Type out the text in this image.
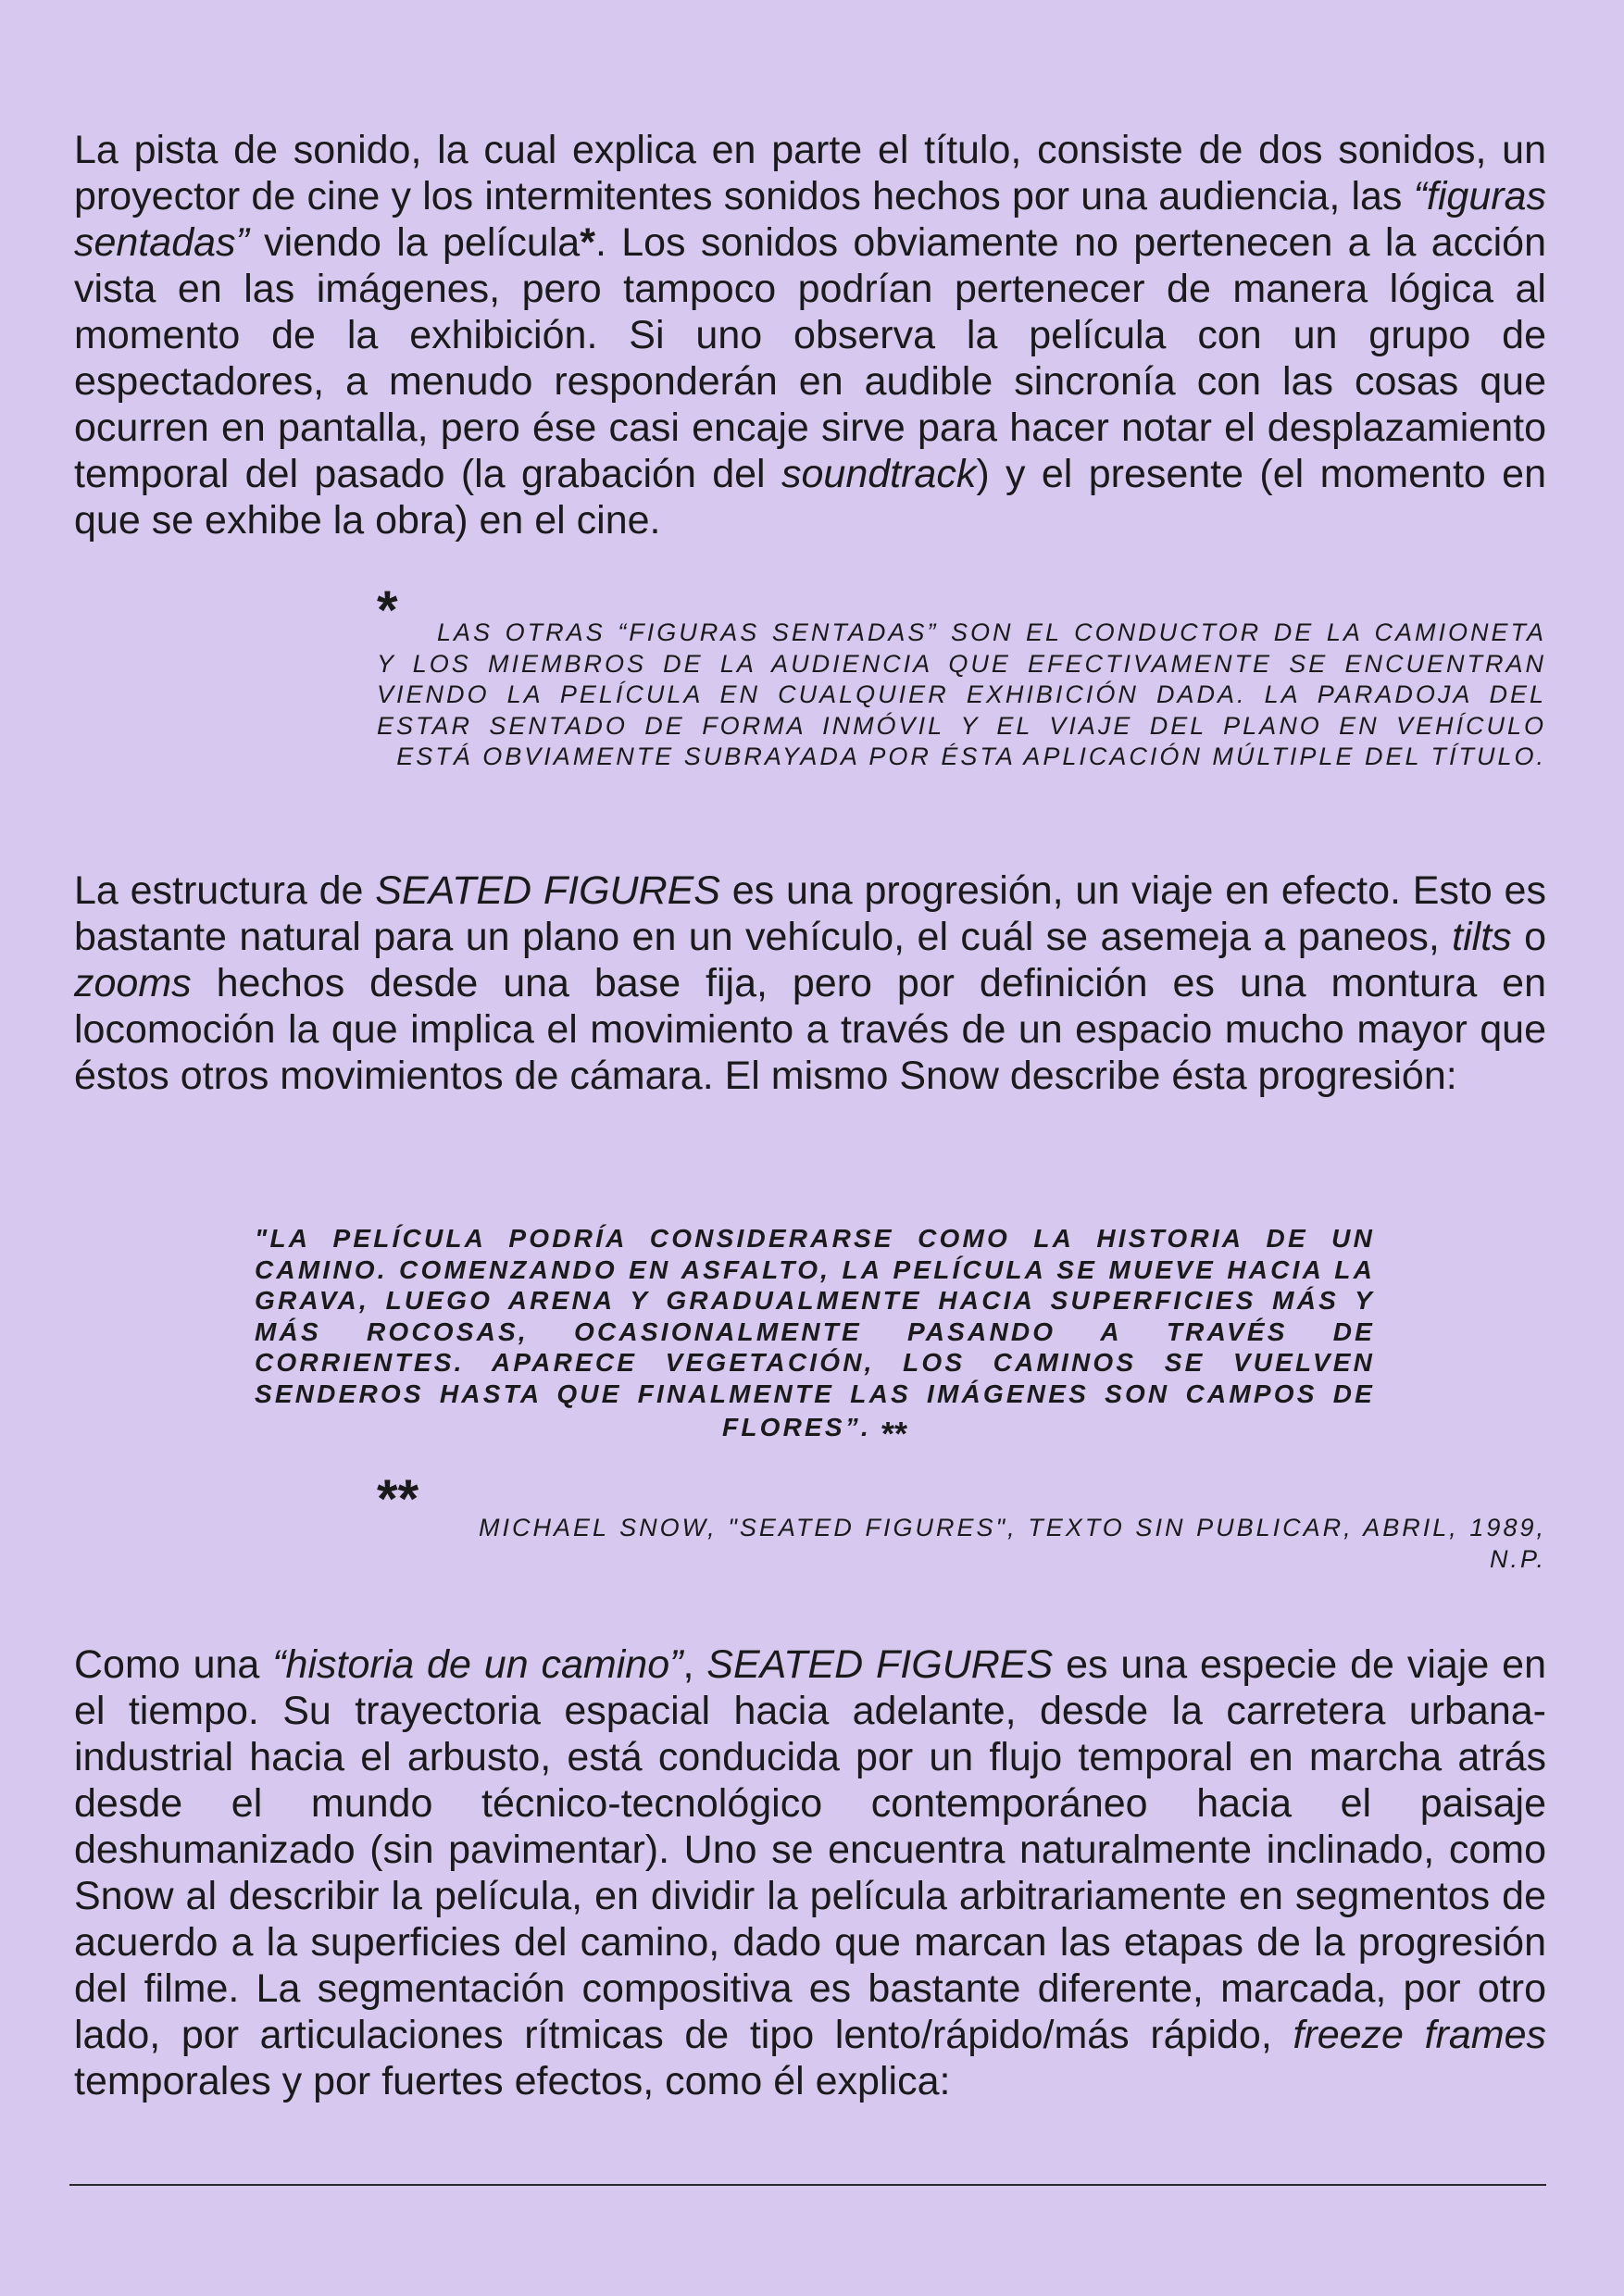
La pista de sonido, la cual explica en parte el título, consiste de dos sonidos, un proyector de cine y los intermitentes sonidos hechos por una audiencia, las “figuras sentadas” viendo la película*. Los sonidos obviamente no pertenecen a la acción vista en las imágenes, pero tampoco podrían pertenecer de manera lógica al momento de la exhibición. Si uno observa la película con un grupo de espectadores, a menudo responderán en audible sincronía con las cosas que ocurren en pantalla, pero ése casi encaje sirve para hacer notar el desplazamiento temporal del pasado (la grabación del soundtrack) y el presente (el momento en que se exhibe la obra) en el cine.

*	LAS OTRAS “FIGURAS SENTADAS” SON EL CONDUCTOR DE LA CAMIONETA Y LOS MIEMBROS DE LA AUDIENCIA QUE EFECTIVAMENTE SE ENCUENTRAN VIENDO LA PELÍCULA EN CUALQUIER EXHIBICIÓN DADA. LA PARADOJA DEL ESTAR SENTADO DE FORMA INMÓVIL Y EL VIAJE DEL PLANO EN VEHÍCULO ESTÁ OBVIAMENTE SUBRAYADA POR ÉSTA APLICACIÓN MÚLTIPLE DEL TÍTULO.

La estructura de SEATED FIGURES es una progresión, un viaje en efecto. Esto es bastante natural para un plano en un vehículo, el cuál se asemeja a paneos, tilts o zooms hechos desde una base fija, pero por definición es una montura en locomoción la que implica el movimiento a través de un espacio mucho mayor que éstos otros movimientos de cámara. El mismo Snow describe ésta progresión:

"LA PELÍCULA PODRÍA CONSIDERARSE COMO LA HISTORIA DE UN CAMINO. COMENZANDO EN ASFALTO, LA PELÍCULA SE MUEVE HACIA LA GRAVA, LUEGO ARENA Y GRADUALMENTE HACIA SUPERFICIES MÁS Y MÁS ROCOSAS, OCASIONALMENTE PASANDO A TRAVÉS DE CORRIENTES. APARECE VEGETACIÓN, LOS CAMINOS SE VUELVEN SENDEROS HASTA QUE FINALMENTE LAS IMÁGENES SON CAMPOS DE FLORES”. **

**	MICHAEL SNOW, "SEATED FIGURES", TEXTO SIN PUBLICAR, ABRIL, 1989, N.P.

Como una “historia de un camino”, SEATED FIGURES es una especie de viaje en el tiempo. Su trayectoria espacial hacia adelante, desde la carretera urbana-industrial hacia el arbusto, está conducida por un flujo temporal en marcha atrás desde el mundo técnico-tecnológico contemporáneo hacia el paisaje deshumanizado (sin pavimentar). Uno se encuentra naturalmente inclinado, como Snow al describir la película, en dividir la película arbitrariamente en segmentos de acuerdo a la superficies del camino, dado que marcan las etapas de la progresión del filme. La segmentación compositiva es bastante diferente, marcada, por otro lado, por articulaciones rítmicas de tipo lento/rápido/más rápido, freeze frames temporales y por fuertes efectos, como él explica:
